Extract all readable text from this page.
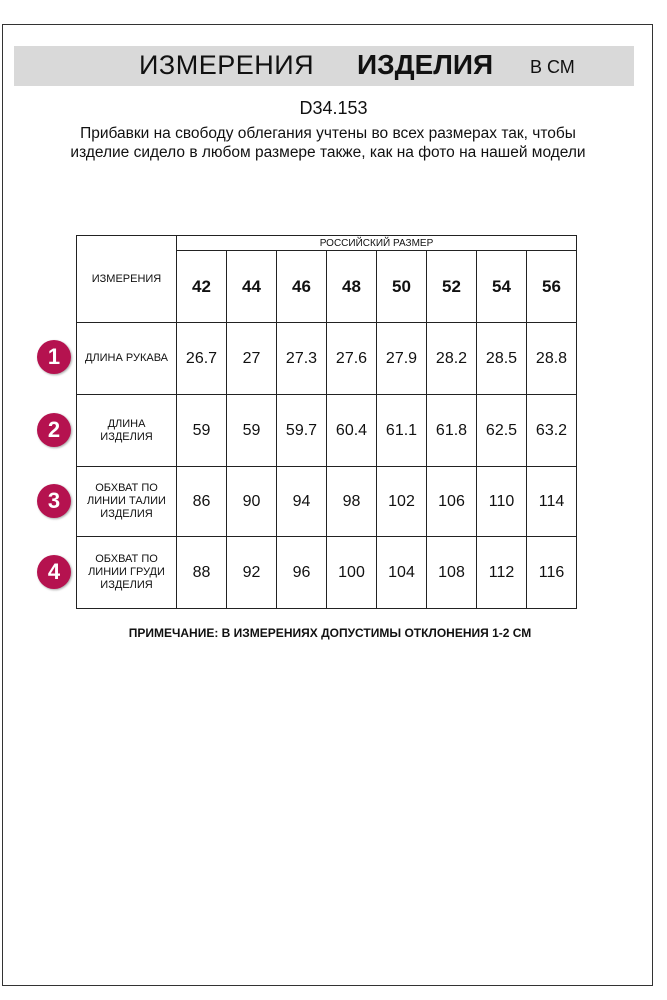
ИЗМЕРЕНИЯ ИЗДЕЛИЯ В СМ
D34.153
Прибавки на свободу облегания учтены во всех размерах так, чтобы изделие сидело в любом размере также, как на фото на нашей модели
ИЗМЕРЕНИЯ	РОССИЙСКИЙ РАЗМЕР							
	42	44	46	48	50	52	54	56
ДЛИНА РУКАВА	26.7	27	27.3	27.6	27.9	28.2	28.5	28.8
ДЛИНА ИЗДЕЛИЯ	59	59	59.7	60.4	61.1	61.8	62.5	63.2
ОБХВАТ ПО ЛИНИИ ТАЛИИ ИЗДЕЛИЯ	86	90	94	98	102	106	110	114
ОБХВАТ ПО ЛИНИИ ГРУДИ ИЗДЕЛИЯ	88	92	96	100	104	108	112	116
1
2
3
4
ПРИМЕЧАНИЕ: В ИЗМЕРЕНИЯХ ДОПУСТИМЫ ОТКЛОНЕНИЯ 1-2 СМ
